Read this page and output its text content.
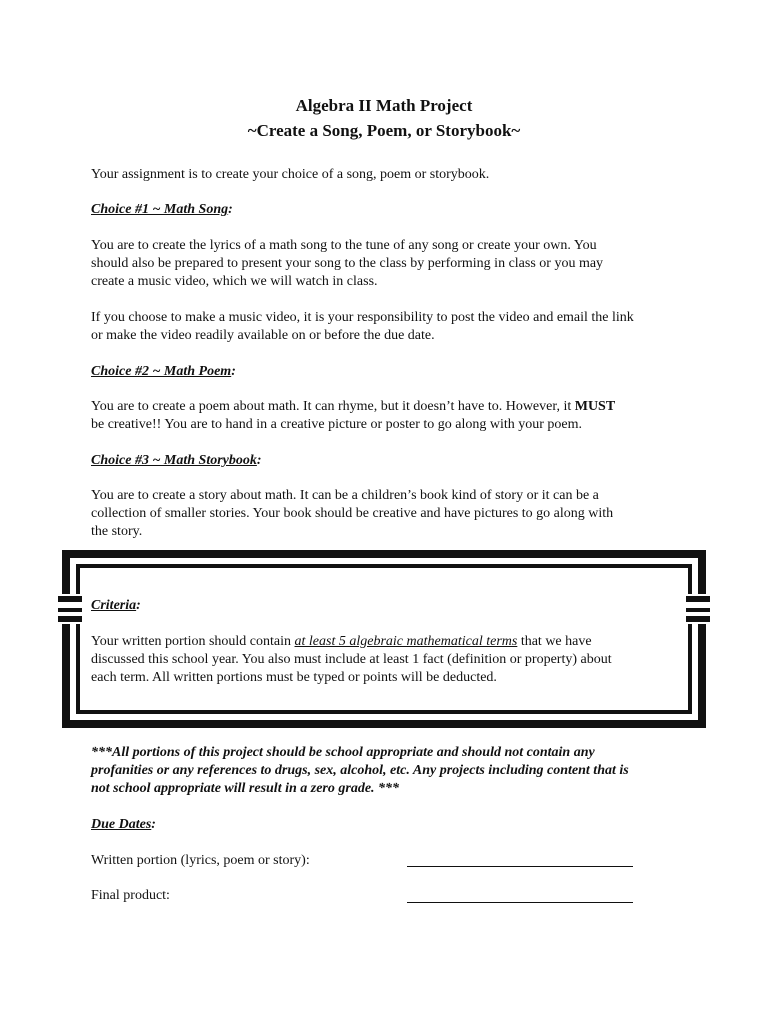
Algebra II Math Project
~Create a Song, Poem, or Storybook~

Your assignment is to create your choice of a song, poem or storybook.

Choice #1 ~ Math Song:

You are to create the lyrics of a math song to the tune of any song or create your own. You
should also be prepared to present your song to the class by performing in class or you may
create a music video, which we will watch in class.
If you choose to make a music video, it is your responsibility to post the video and email the link
or make the video readily available on or before the due date.

Choice #2 ~ Math Poem:

You are to create a poem about math. It can rhyme, but it doesn’t have to. However, it MUST
be creative!! You are to hand in a creative picture or poster to go along with your poem.

Choice #3 ~ Math Storybook:

You are to create a story about math. It can be a children’s book kind of story or it can be a
collection of smaller stories. Your book should be creative and have pictures to go along with
the story.

Criteria:

Your written portion should contain at least 5 algebraic mathematical terms that we have
discussed this school year. You also must include at least 1 fact (definition or property) about
each term. All written portions must be typed or points will be deducted.
***All portions of this project should be school appropriate and should not contain any
profanities or any references to drugs, sex, alcohol, etc. Any projects including content that is
not school appropriate will result in a zero grade. ***

Due Dates:

Written portion (lyrics, poem or story):

Final product:
